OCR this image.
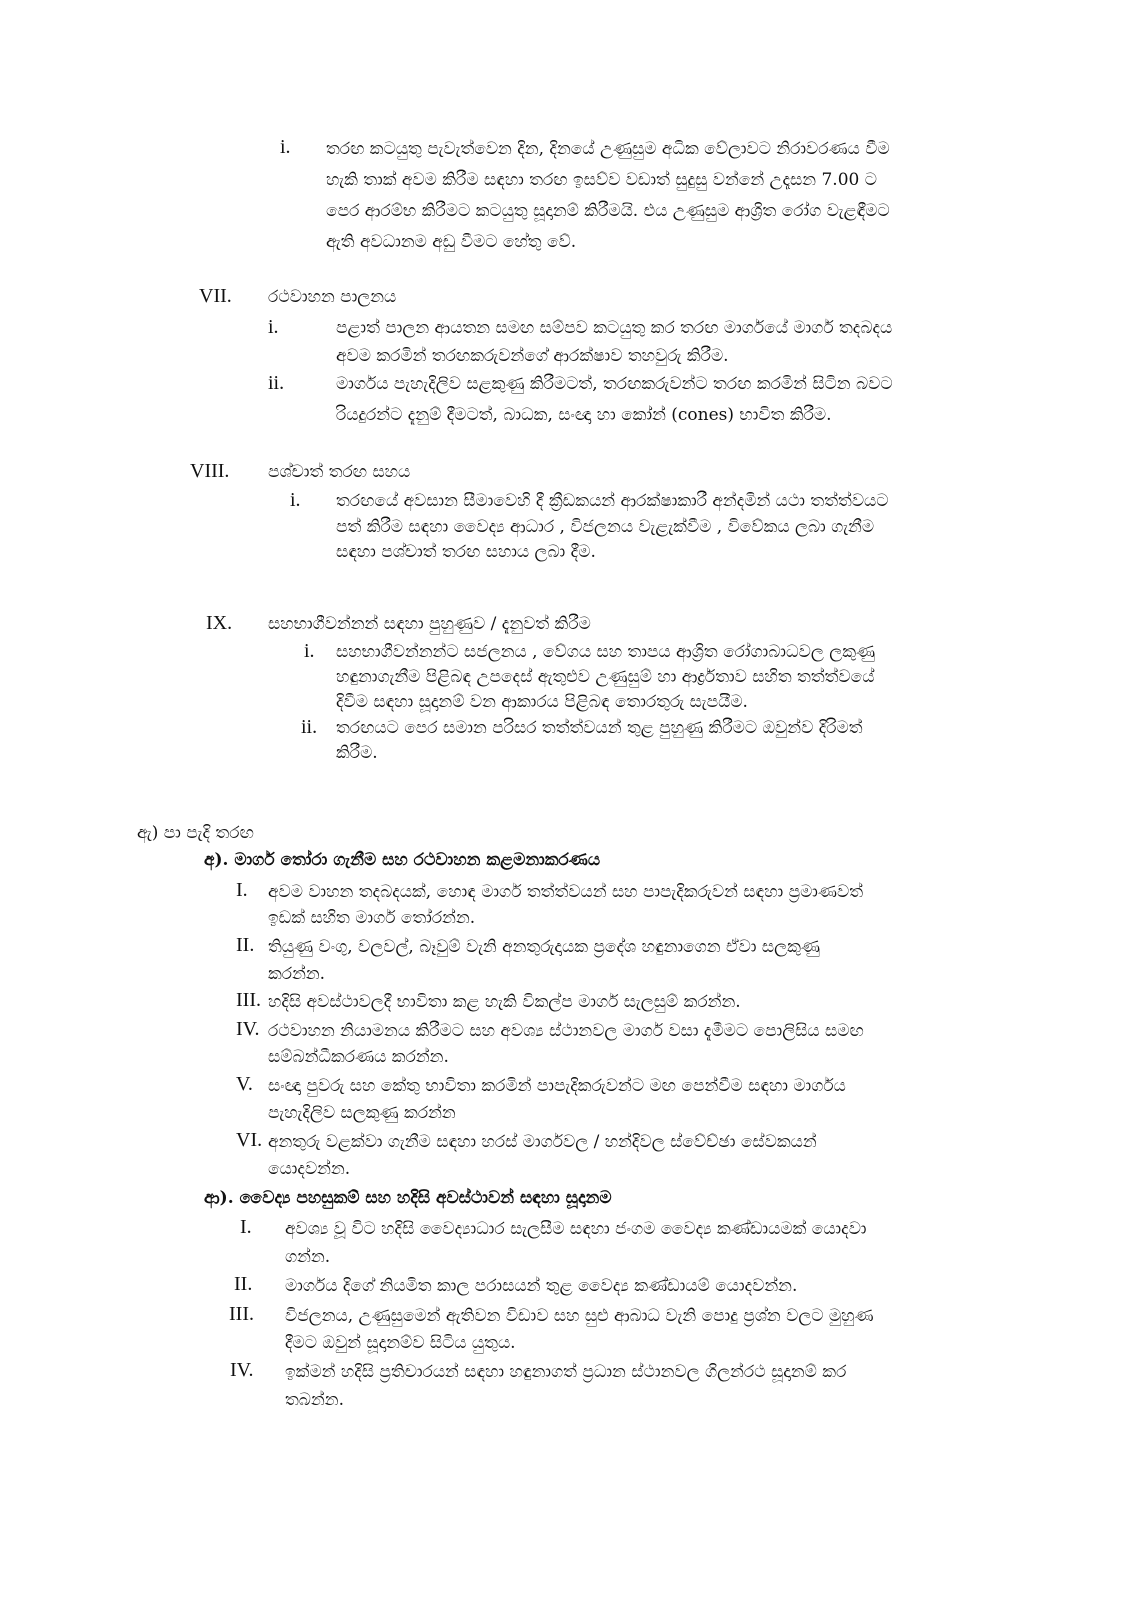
i. තරඟ කටයුතු පැවැත්වෙන දින, දිනයේ උණුසුම අධික වේලාවට නිරාවරණය වීම
හැකි තාක් අවම කිරීම සඳහා තරඟ ඉසව්ව වඩාත් සුදුසු වන්නේ උදෑසන 7.00 ට
පෙර ආරම්භ කිරීමට කටයුතු සූදානම් කිරීමයි. එය උණුසුම ආශ්‍රිත රෝග වැළඳීමට
ඇති අවධානම අඩු වීමට හේතු වේ.
VII. රථවාහන පාලනය
i.	පළාත් පාලන ආයතන සමඟ සම්පව කටයුතු කර තරඟ මාර්ගයේ මාර්ග තදබදය
අවම කරමින් තරඟකරුවන්ගේ ආරක්ෂාව තහවුරු කිරීම.
ii.	මාර්ගය පැහැදිලිව සළකුණු කිරීමටත්, තරඟකරුවන්ට තරඟ කරමින් සිටින බවට
රියදුරන්ට දැනුම් දීමටත්, බාධක, සංඥා හා කෝන් (cones) භාවිත කිරීම.
VIII. පශ්චාත් තරඟ සහය
i. තරඟයේ අවසාන සීමාවෙහි දී ක්‍රීඩකයන් ආරක්ෂාකාරී අන්දමින් යථා තත්ත්වයට
පත් කිරීම සඳහා වෛද්‍ය ආධාර , විජලනය වැළැක්වීම , විවේකය ලබා ගැනීම
සඳහා පශ්චාත් තරඟ සහාය ලබා දීම.
IX. සහභාගීවන්නන් සඳහා පුහුණුව / දැනුවත් කිරීම
i. සහභාගීවන්නන්ට සජලනය , වේගය සහ තාපය ආශ්‍රිත රෝගාබාධවල ලකුණු
හඳුනාගැනීම පිළිබඳ උපදෙස් ඇතුළුව උණුසුම් හා ආර්ද්‍රතාව සහිත තත්ත්වයේ
දිවීම සඳහා සූදානම් වන ආකාරය පිළිබඳ තොරතුරු සැපයීම.
ii. තරඟයට පෙර සමාන පරිසර තත්ත්වයන් තුළ පුහුණු කිරීමට ඔවුන්ව දිරිමත්
කිරීම.
ඇ) පා පැදි තරඟ
අ). මාර්ග තෝරා ගැනීම සහ රථවාහන කළමනාකරණය
I. අවම වාහන තදබදයක්, හොඳ මාර්ග තත්ත්වයන් සහ පාපැදිකරුවන් සඳහා ප්‍රමාණවත්
ඉඩක් සහිත මාර්ග තෝරන්න.
II. තියුණු වංගු, වලවල්, බෑවුම් වැනි අනතුරුදායක ප්‍රදේශ හඳුනාගෙන ඒවා සලකුණු
කරන්න.
III. හදිසි අවස්ථාවලදී භාවිතා කළ හැකි විකල්ප මාර්ග සැලසුම් කරන්න.
IV. රථවාහන නියාමනය කිරීමට සහ අවශ්‍ය ස්ථානවල මාර්ග වසා දැමීමට පොලිසිය සමඟ
සම්බන්ධීකරණය කරන්න.
V. සංඥා පුවරු සහ කේතු භාවිතා කරමින් පාපැදිකරුවන්ට මඟ පෙන්වීම සඳහා මාර්ගය
පැහැදිලිව සලකුණු කරන්න
VI. අනතුරු වළක්වා ගැනීම සඳහා හරස් මාර්ගවල / හන්දිවල ස්වේච්ඡා සේවකයන්
යොදවන්න.
ආ). වෛද්‍ය පහසුකම් සහ හදිසි අවස්ථාවන් සඳහා සූදානම
I. අවශ්‍ය වූ විට හදිසි වෛද්‍යාධාර සැලසීම සඳහා ජංගම වෛද්‍ය කණ්ඩායමක් යොදවා
ගන්න.
II. මාර්ගය දිගේ නියමිත කාල පරාසයන් තුළ වෛද්‍ය කණ්ඩායම් යොදවන්න.
III. විජලනය, උණුසුමෙන් ඇතිවන විඩාව සහ සුළු ආබාධ වැනි පොදු ප්‍රශ්න වලට මුහුණ
දීමට ඔවුන් සූදානම්ව සිටිය යුතුය.
IV. ඉක්මන් හදිසි ප්‍රතිචාරයන් සඳහා හඳුනාගත් ප්‍රධාන ස්ථානවල ගිලන්රථ සූදානම් කර
තබන්න.
